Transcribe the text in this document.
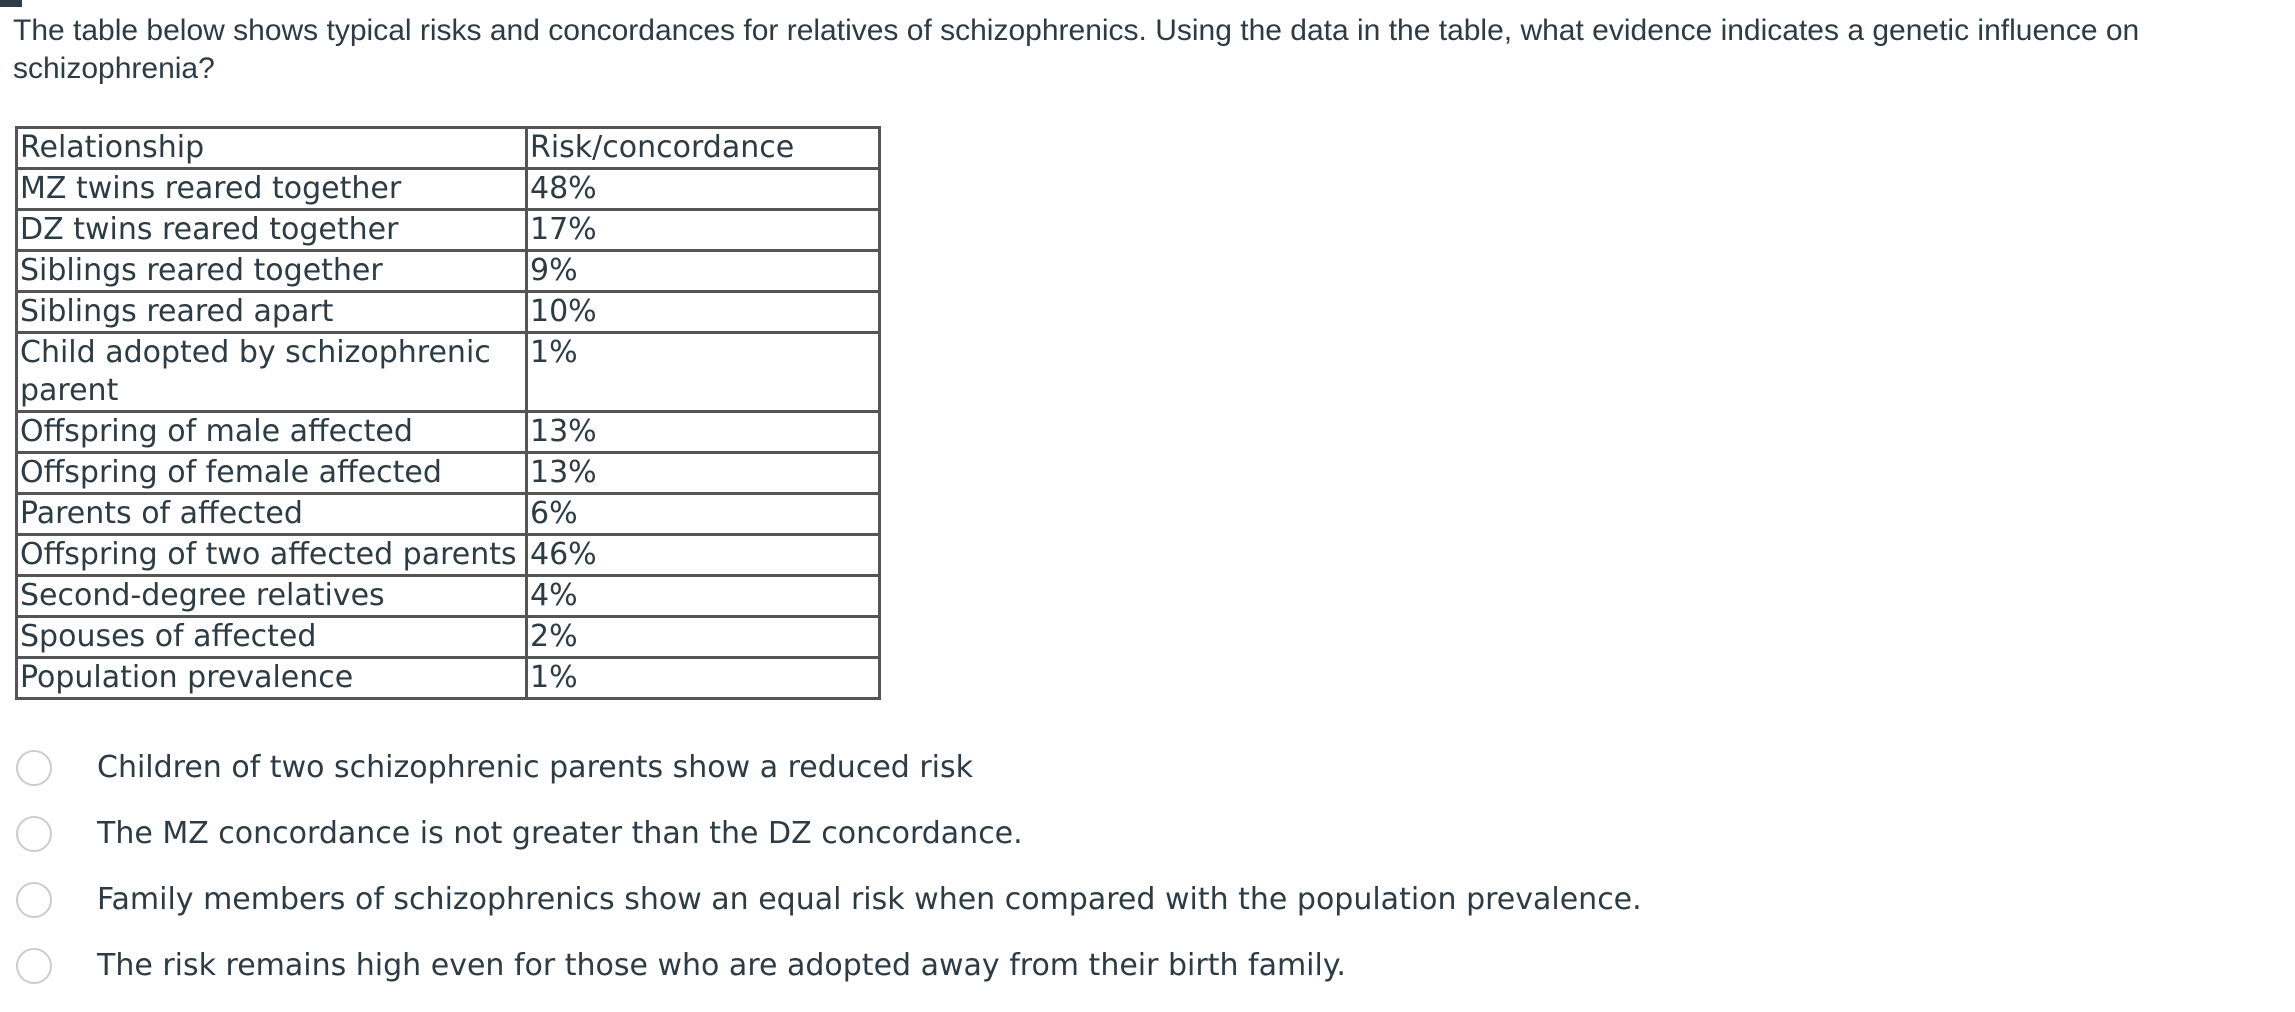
The table below shows typical risks and concordances for relatives of schizophrenics. Using the data in the table, what evidence indicates a genetic influence on schizophrenia?
Relationship	Risk/concordance
MZ twins reared together	48%
DZ twins reared together	17%
Siblings reared together	9%
Siblings reared apart	10%
Child adopted by schizophrenic parent	1%
Offspring of male affected	13%
Offspring of female affected	13%
Parents of affected	6%
Offspring of two affected parents	46%
Second-degree relatives	4%
Spouses of affected	2%
Population prevalence	1%
Children of two schizophrenic parents show a reduced risk
The MZ concordance is not greater than the DZ concordance.
Family members of schizophrenics show an equal risk when compared with the population prevalence.
The risk remains high even for those who are adopted away from their birth family.
